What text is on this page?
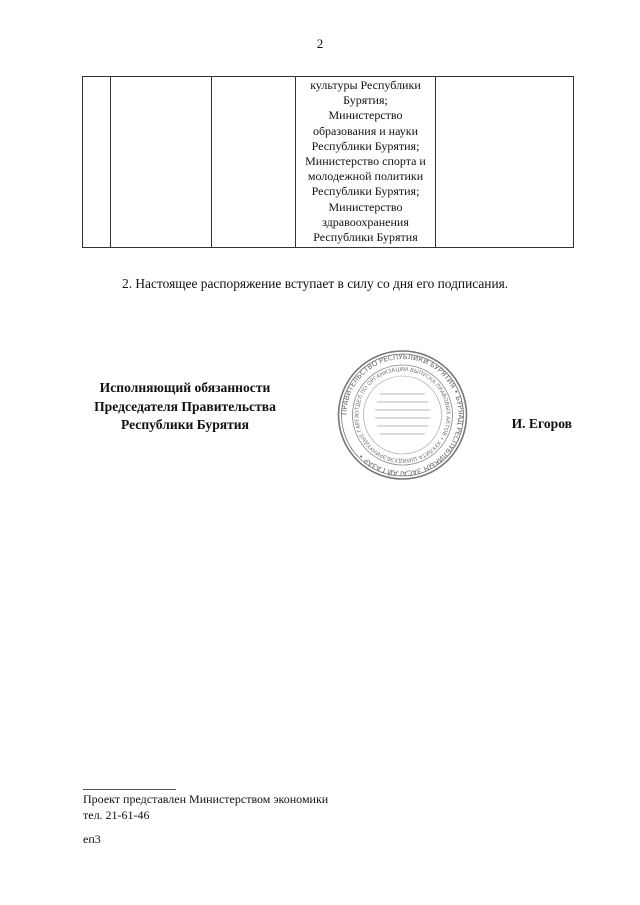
2
			культуры Республики
Бурятия;
Министерство
образования и науки
Республики Бурятия;
Министерство спорта и
молодежной политики
Республики Бурятия;
Министерство
здравоохранения
Республики Бурятия	
2. Настоящее распоряжение вступает в силу со дня его подписания.
Исполняющий обязанности
Председателя Правительства
Республики Бурятия
ПРАВИТЕЛЬСТВО РЕСПУБЛИКИ БУРЯТИЯ • БУРЯАД РЕСПУБЛИКЫН ЗАСАГАЙ ГАЗАР •
ОТДЕЛ ПО ОРГАНИЗАЦИИ ВЫПУСКА ПРАВОВЫХ АКТОВ • ХУУЛИТА ШИИДХЭБЭРИНУУДЫЕ ГАРГА	И. Егоров
Проект представлен Министерством экономики
тел. 21-61-46
еп3
